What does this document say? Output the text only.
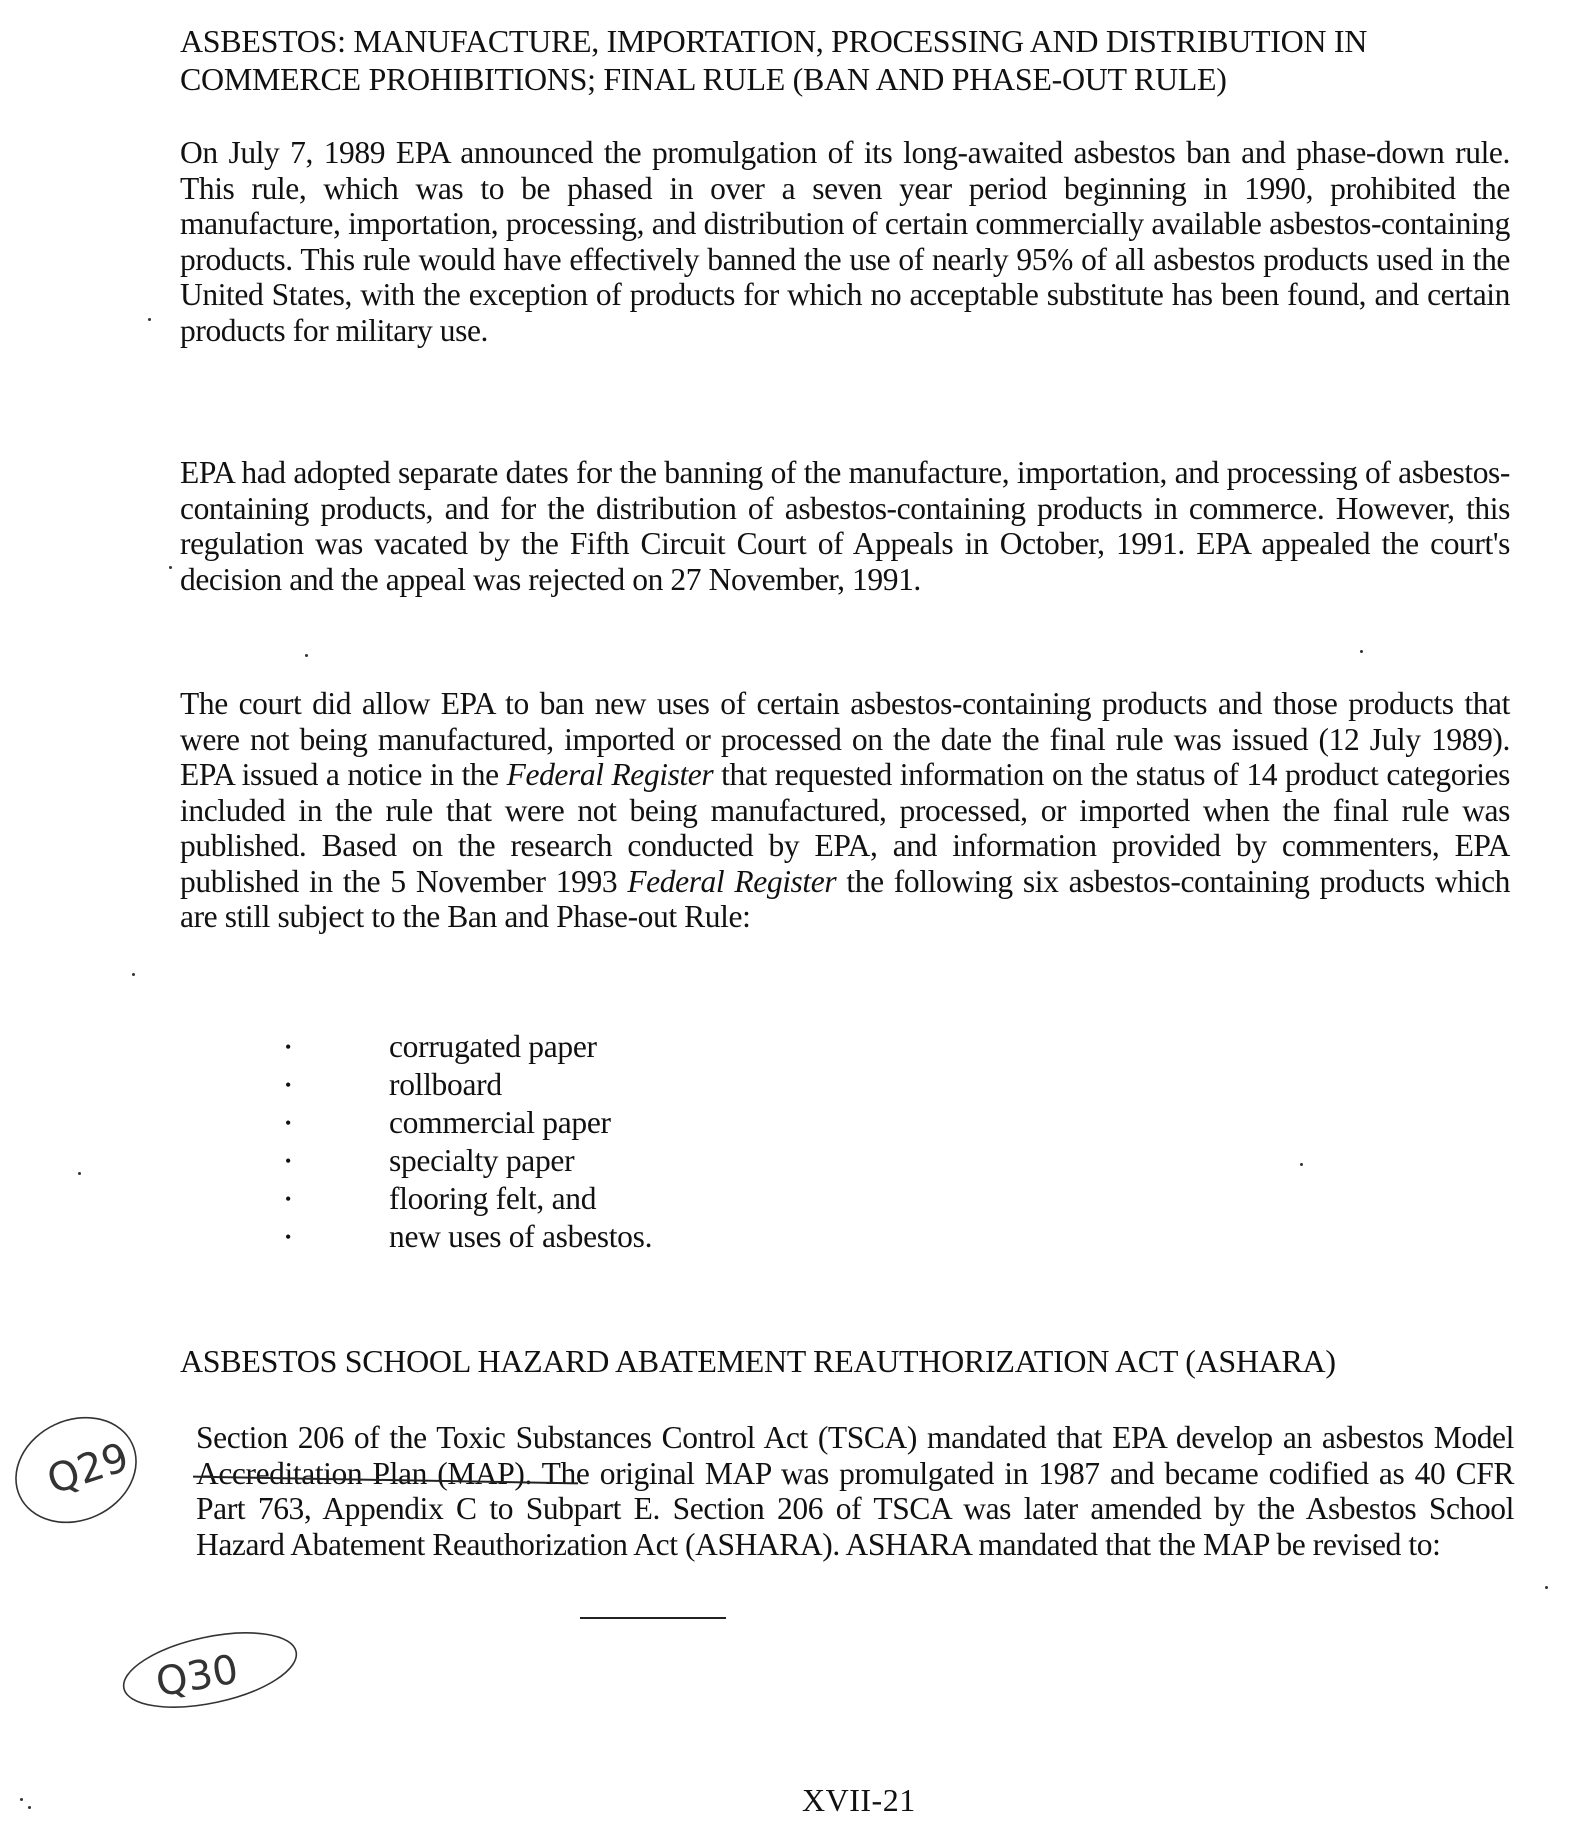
ASBESTOS: MANUFACTURE, IMPORTATION, PROCESSING AND DISTRIBUTION IN COMMERCE PROHIBITIONS; FINAL RULE (BAN AND PHASE-OUT RULE)

On July 7, 1989 EPA announced the promulgation of its long-awaited asbestos ban and phase-down rule. This rule, which was to be phased in over a seven year period beginning in 1990, prohibited the manufacture, importation, processing, and distribution of certain commercially available asbestos-containing products. This rule would have effectively banned the use of nearly 95% of all asbestos products used in the United States, with the exception of products for which no acceptable substitute has been found, and certain products for military use.

EPA had adopted separate dates for the banning of the manufacture, importation, and processing of asbestos-containing products, and for the distribution of asbestos-containing products in commerce. However, this regulation was vacated by the Fifth Circuit Court of Appeals in October, 1991. EPA appealed the court's decision and the appeal was rejected on 27 November, 1991.

The court did allow EPA to ban new uses of certain asbestos-containing products and those products that were not being manufactured, imported or processed on the date the final rule was issued (12 July 1989). EPA issued a notice in the Federal Register that requested information on the status of 14 product categories included in the rule that were not being manufactured, processed, or imported when the final rule was published. Based on the research conducted by EPA, and information provided by commenters, EPA published in the 5 November 1993 Federal Register the following six asbestos-containing products which are still subject to the Ban and Phase-out Rule:

•	corrugated paper
•	rollboard
•	commercial paper
•	specialty paper
•	flooring felt, and
•	new uses of asbestos.
ASBESTOS SCHOOL HAZARD ABATEMENT REAUTHORIZATION ACT (ASHARA)

Section 206 of the Toxic Substances Control Act (TSCA) mandated that EPA develop an asbestos Model Accreditation Plan (MAP). The original MAP was promulgated in 1987 and became codified as 40 CFR Part 763, Appendix C to Subpart E. Section 206 of TSCA was later amended by the Asbestos School Hazard Abatement Reauthorization Act (ASHARA). ASHARA mandated that the MAP be revised to:

Q29
Q30
XVII-21
